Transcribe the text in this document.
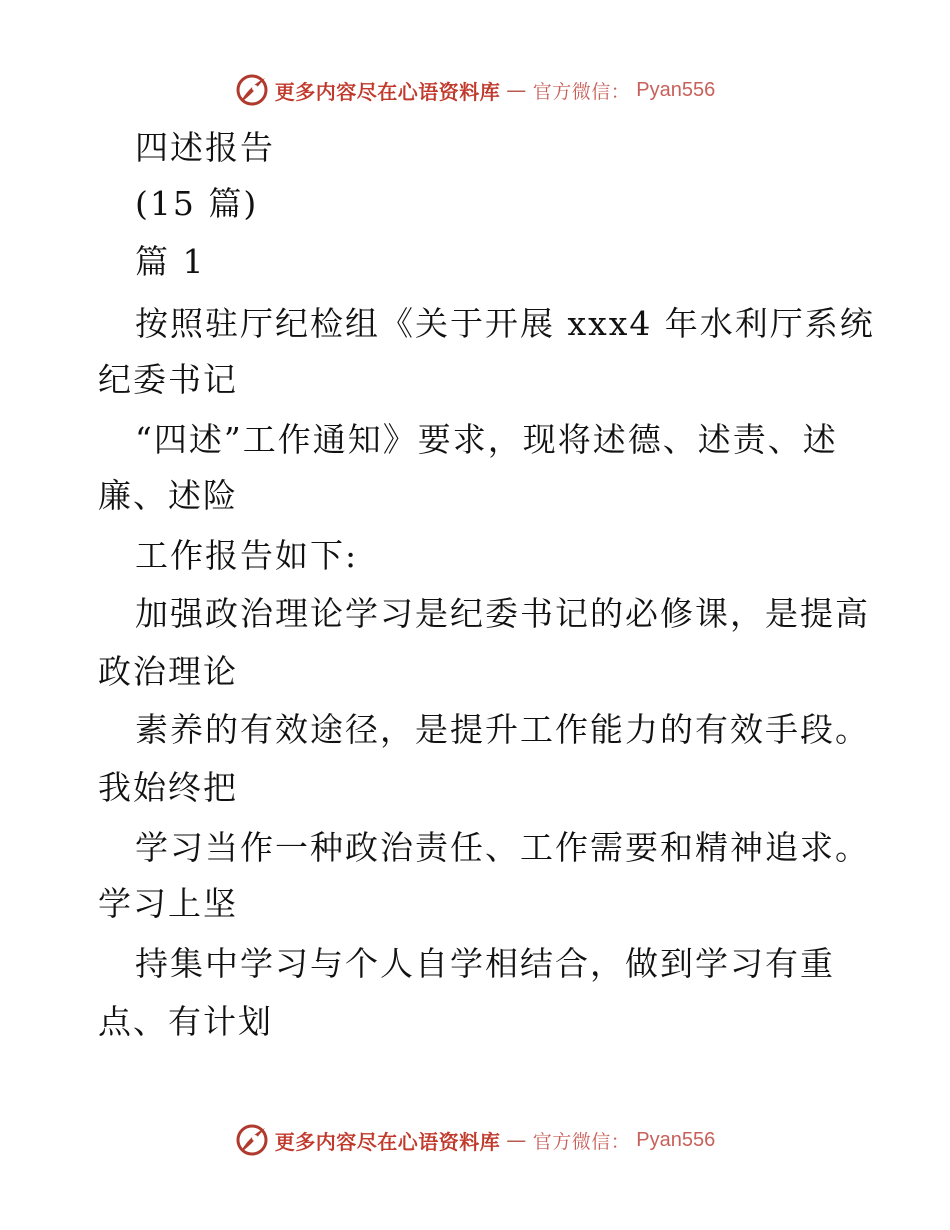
更多内容尽在心语资料库 — 官方微信： Pyan556
四述报告
(15 篇)
篇 1
按照驻厅纪检组《关于开展 xxx4 年水利厅系统
纪委书记
“四述”工作通知》要求，现将述德、述责、述
廉、述险
工作报告如下:
加强政治理论学习是纪委书记的必修课，是提高
政治理论
素养的有效途径，是提升工作能力的有效手段。
我始终把
学习当作一种政治责任、工作需要和精神追求。
学习上坚
持集中学习与个人自学相结合，做到学习有重
点、有计划
更多内容尽在心语资料库 — 官方微信： Pyan556
